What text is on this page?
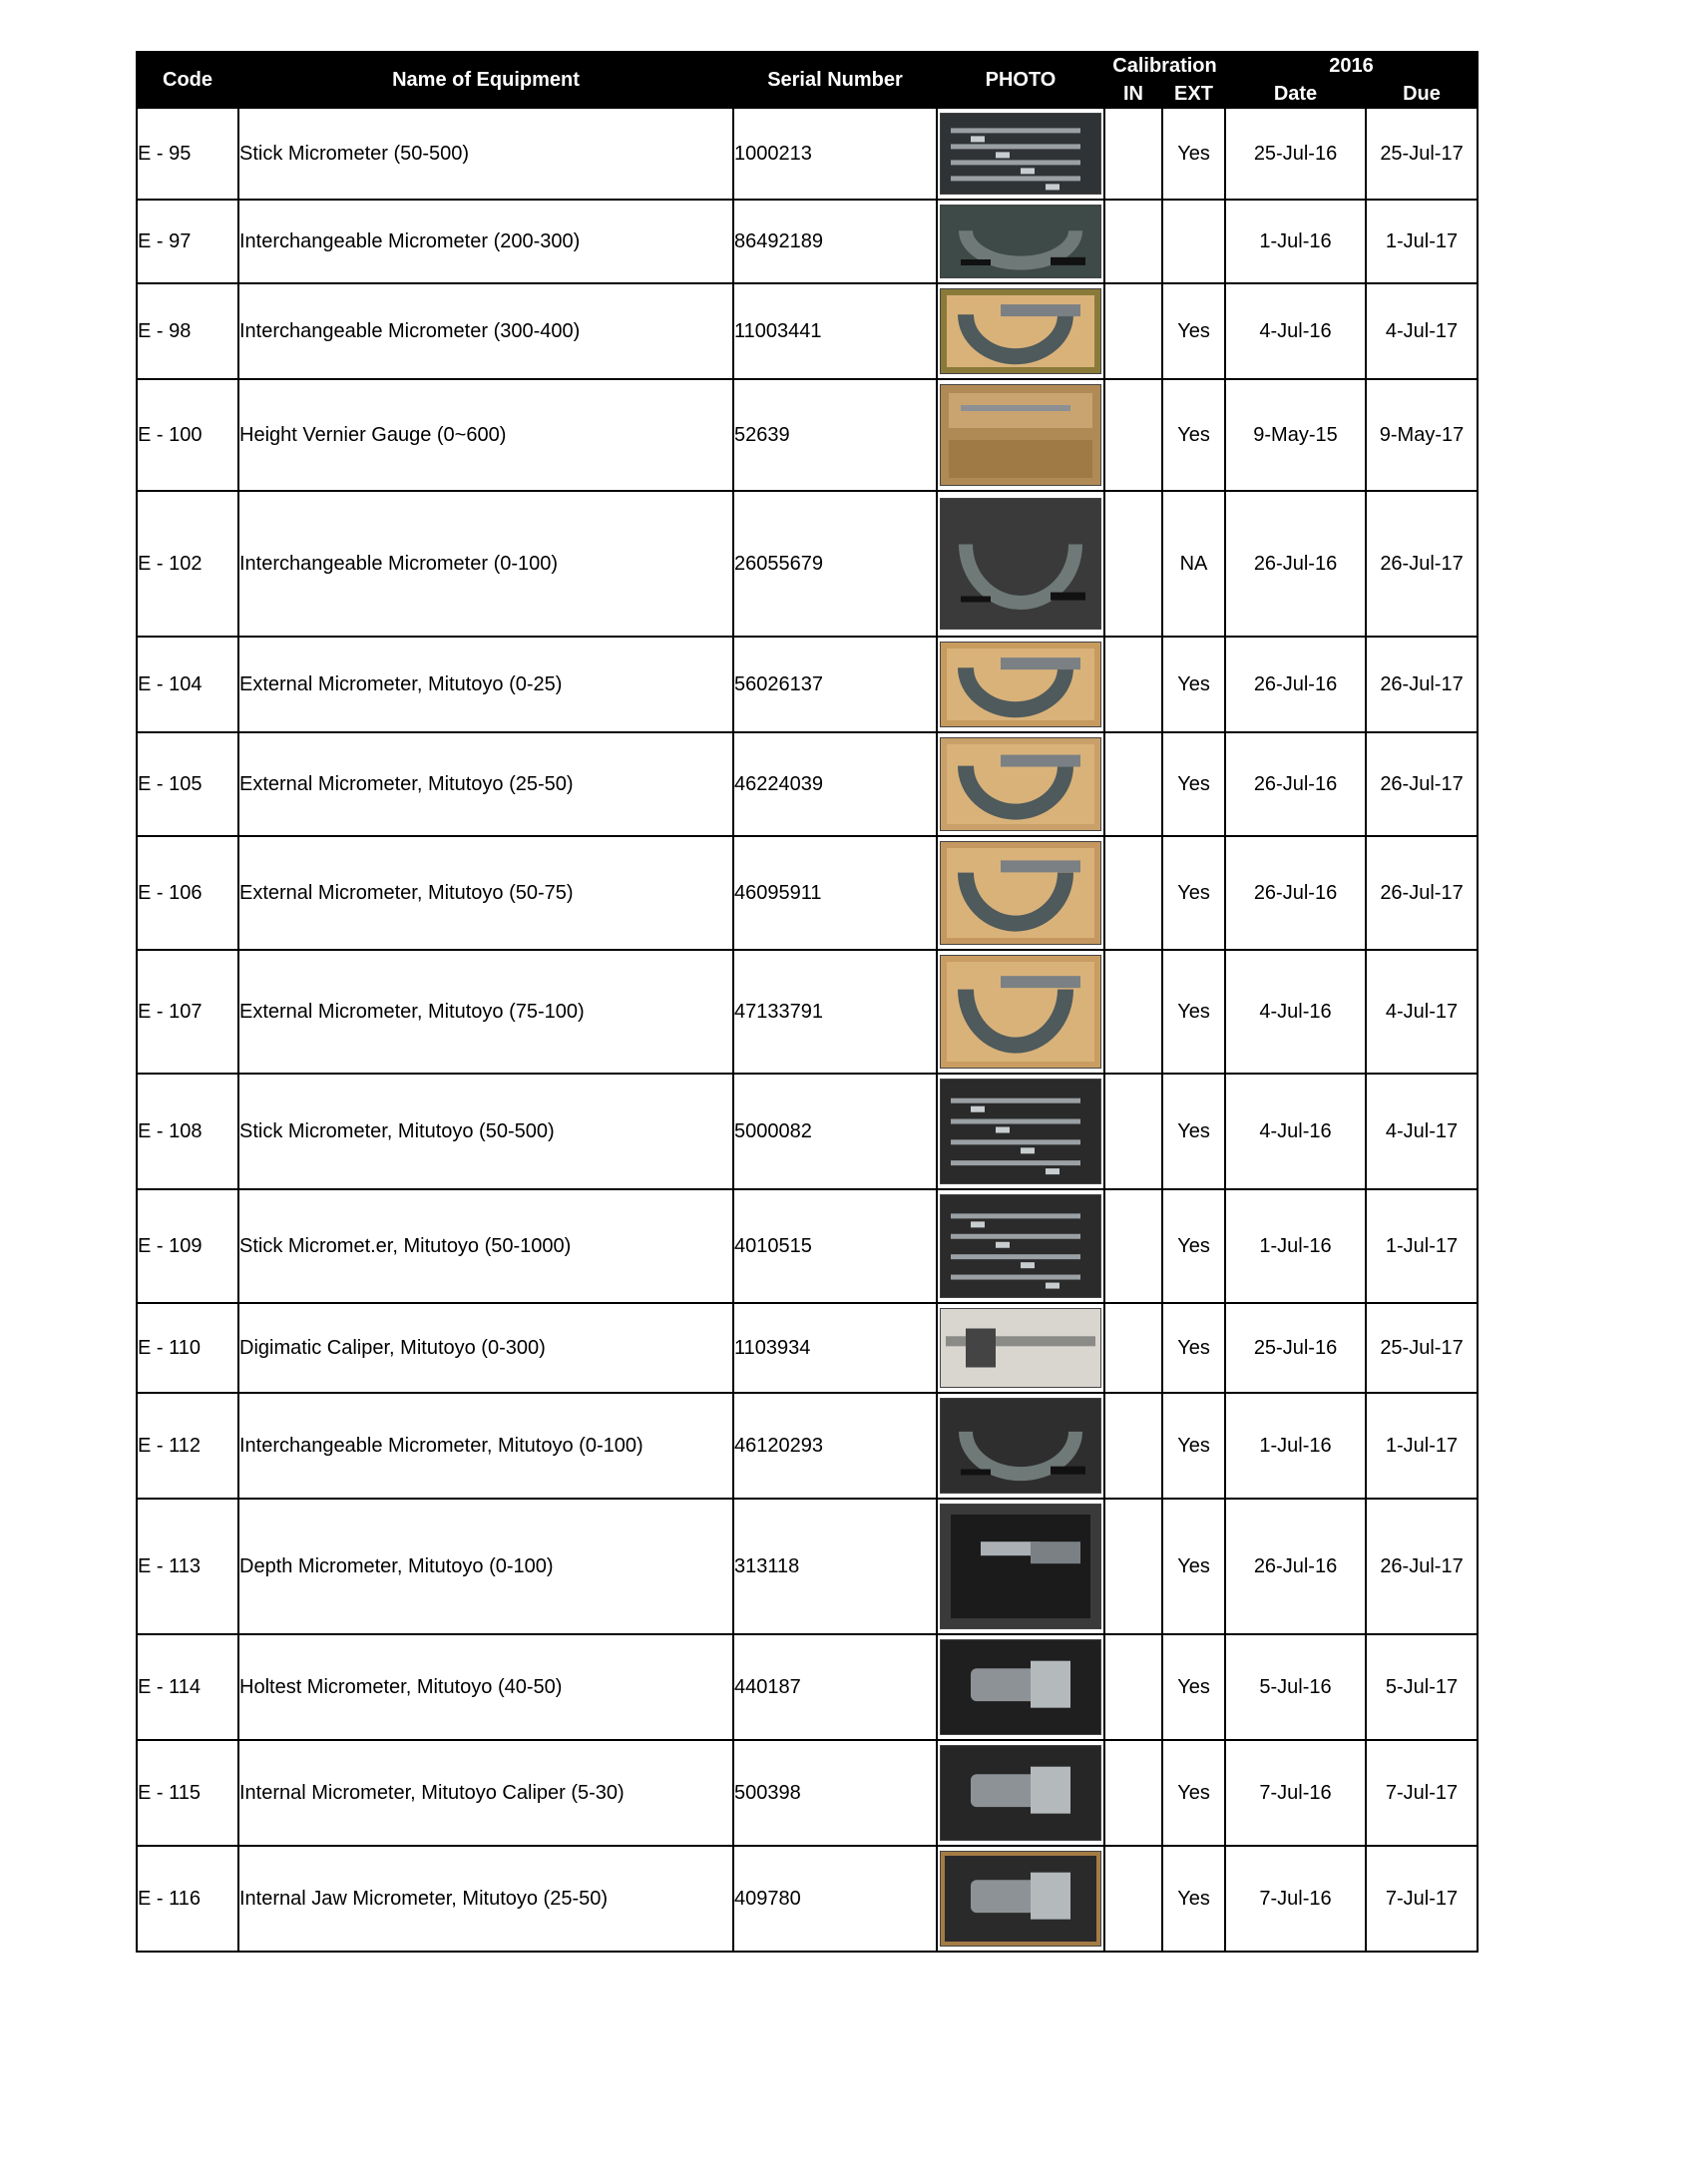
Code	Name of Equipment	Serial Number	PHOTO	Calibration		2016	
				IN	EXT	Date	Due
E - 95	Stick Micrometer (50-500)	1000213			Yes	25-Jul-16	25-Jul-17
E - 97	Interchangeable Micrometer (200-300)	86492189				1-Jul-16	1-Jul-17
E - 98	Interchangeable Micrometer (300-400)	11003441			Yes	4-Jul-16	4-Jul-17
E - 100	Height Vernier Gauge (0~600)	52639			Yes	9-May-15	9-May-17
E - 102	Interchangeable Micrometer (0-100)	26055679			NA	26-Jul-16	26-Jul-17
E - 104	External Micrometer, Mitutoyo (0-25)	56026137			Yes	26-Jul-16	26-Jul-17
E - 105	External Micrometer, Mitutoyo (25-50)	46224039			Yes	26-Jul-16	26-Jul-17
E - 106	External Micrometer, Mitutoyo (50-75)	46095911			Yes	26-Jul-16	26-Jul-17
E - 107	External Micrometer, Mitutoyo (75-100)	47133791			Yes	4-Jul-16	4-Jul-17
E - 108	Stick Micrometer, Mitutoyo (50-500)	5000082			Yes	4-Jul-16	4-Jul-17
E - 109	Stick Micromet.er, Mitutoyo (50-1000)	4010515			Yes	1-Jul-16	1-Jul-17
E - 110	Digimatic Caliper, Mitutoyo (0-300)	1103934			Yes	25-Jul-16	25-Jul-17
E - 112	Interchangeable Micrometer, Mitutoyo (0-100)	46120293			Yes	1-Jul-16	1-Jul-17
E - 113	Depth Micrometer, Mitutoyo (0-100)	313118			Yes	26-Jul-16	26-Jul-17
E - 114	Holtest Micrometer, Mitutoyo (40-50)	440187			Yes	5-Jul-16	5-Jul-17
E - 115	Internal Micrometer, Mitutoyo Caliper (5-30)	500398			Yes	7-Jul-16	7-Jul-17
E - 116	Internal Jaw Micrometer, Mitutoyo (25-50)	409780			Yes	7-Jul-16	7-Jul-17
